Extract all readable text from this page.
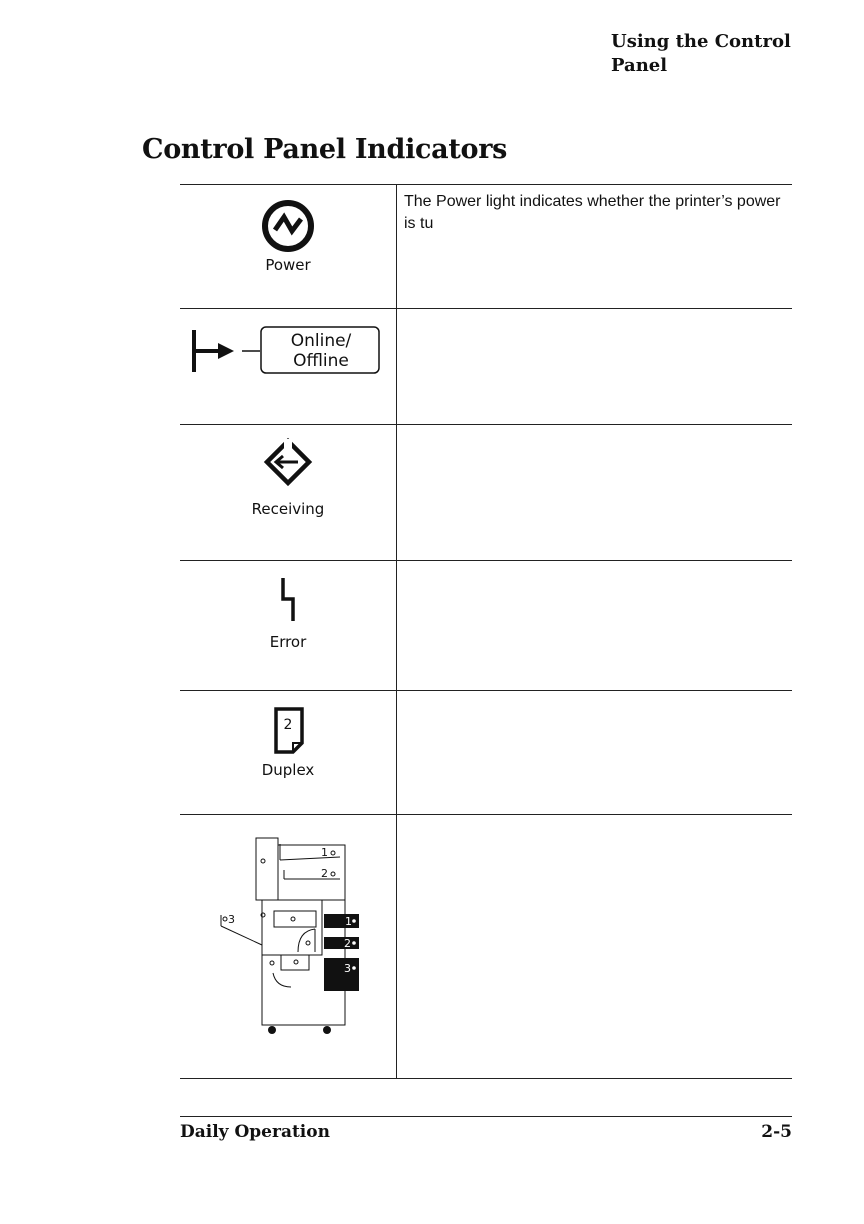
Using the Control
Panel
Control Panel Indicators
Power
The Power light indicates whether the printer’s power is tu
Online/
Offline
Receiving
Error
2
Duplex
1
2
3	1
2
3
Daily Operation	2-5
